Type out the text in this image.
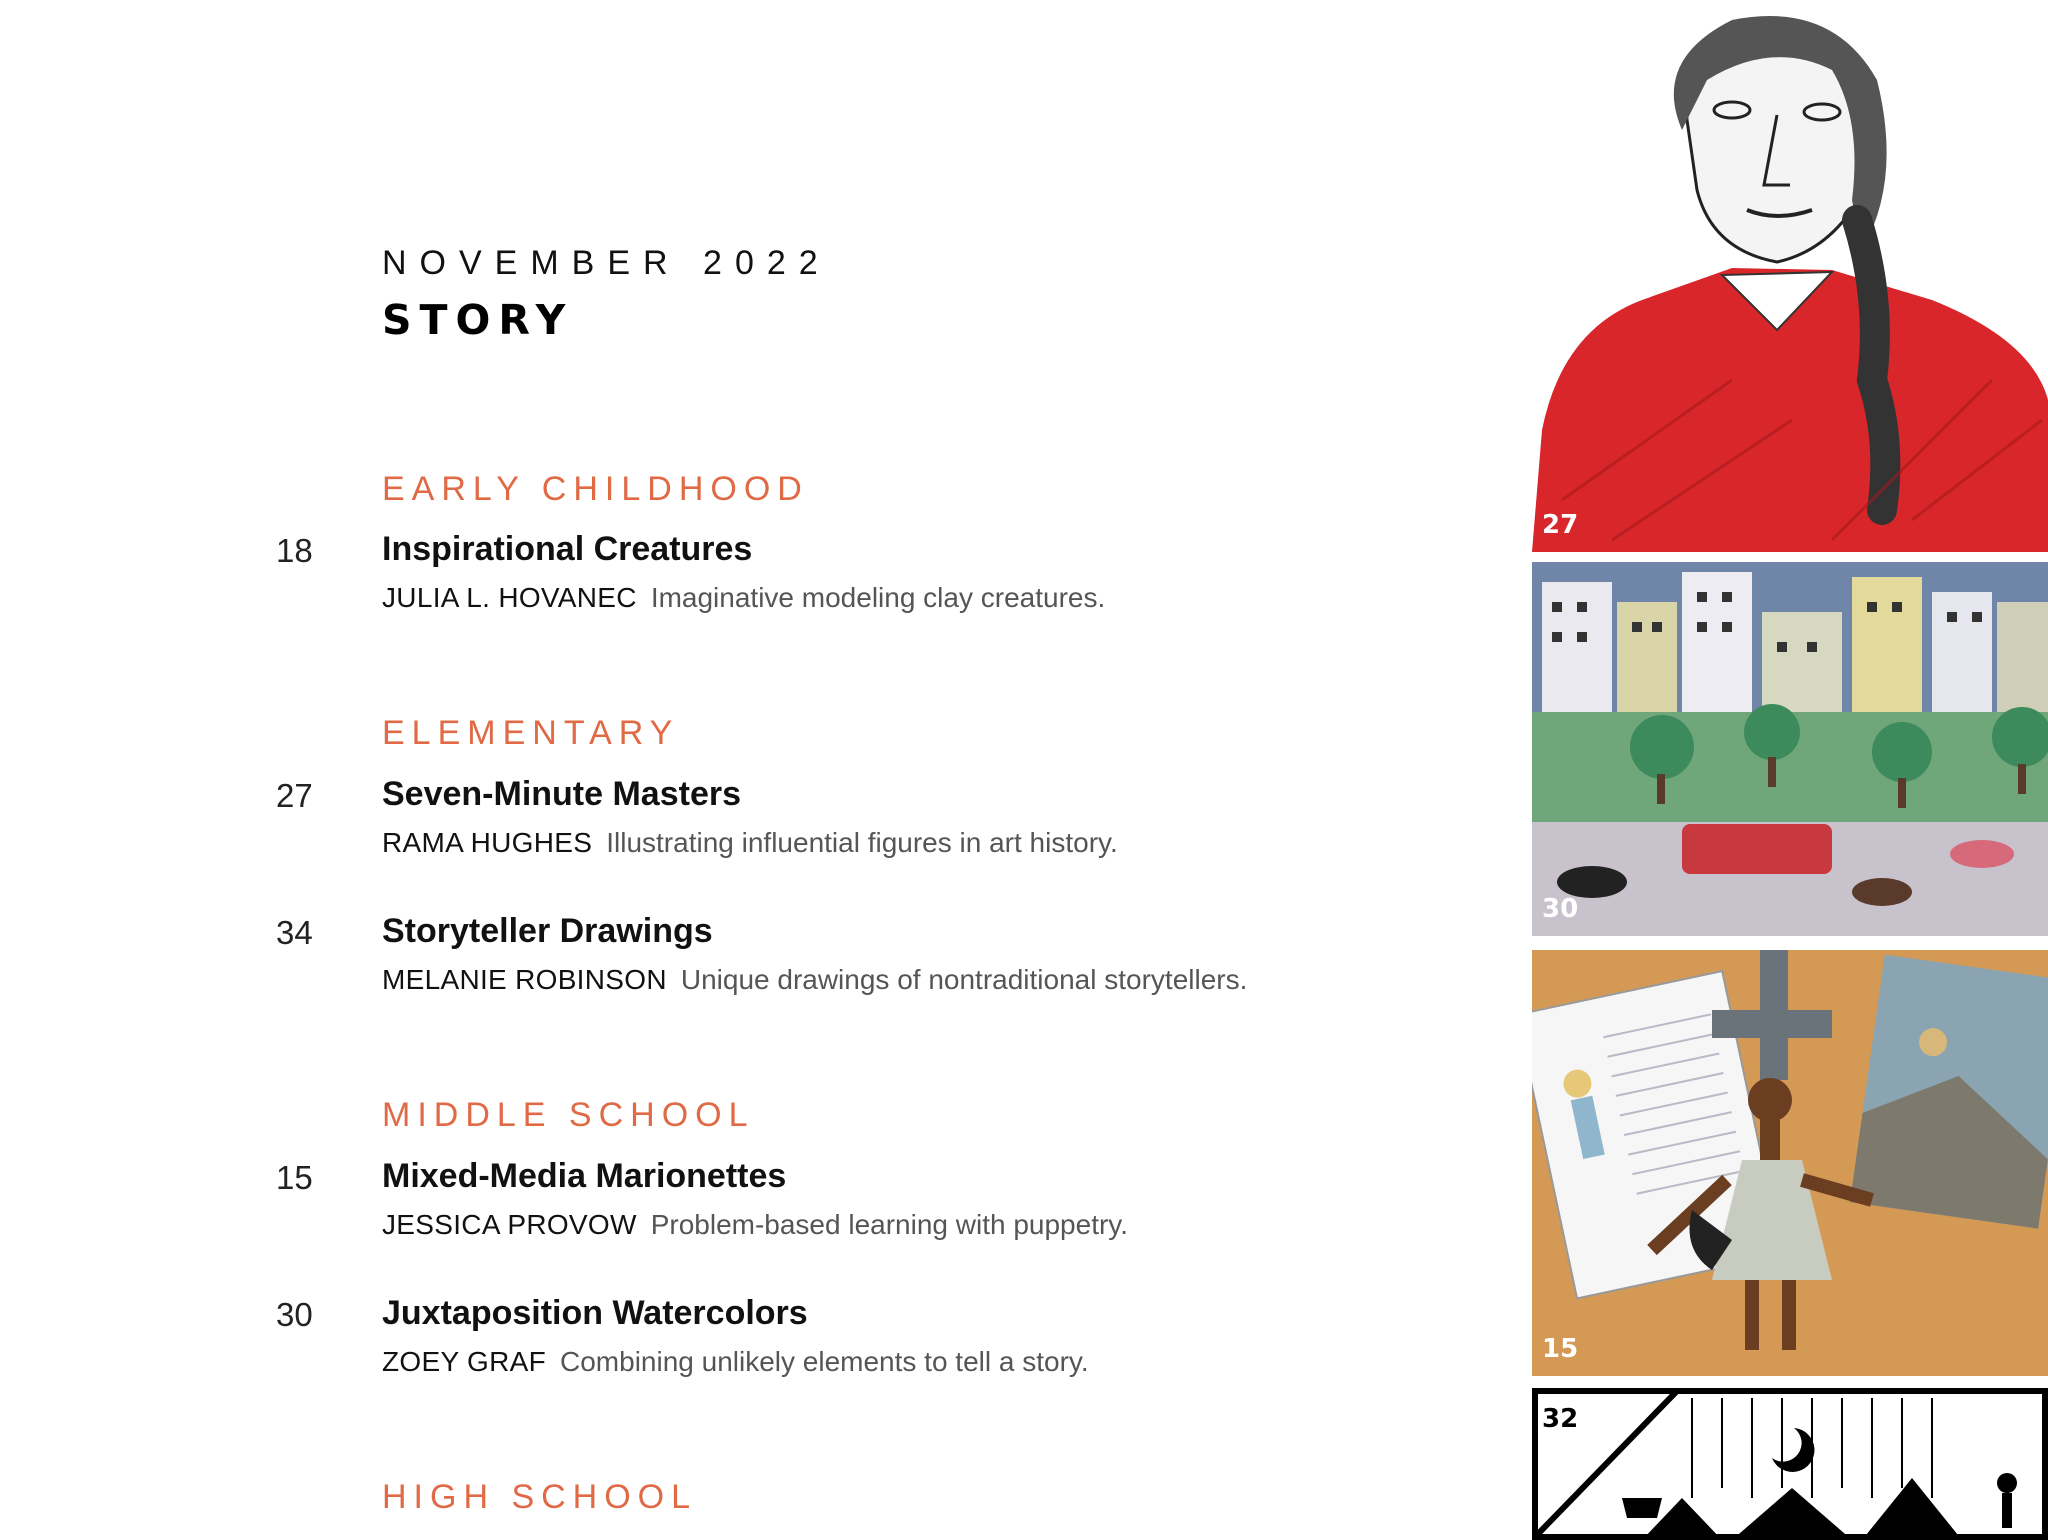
NOVEMBER 2022
STORY
EARLY CHILDHOOD
18 Inspirational Creatures
JULIA L. HOVANEC Imaginative modeling clay creatures.
ELEMENTARY
27 Seven-Minute Masters
RAMA HUGHES Illustrating influential figures in art history.
34 Storyteller Drawings
MELANIE ROBINSON Unique drawings of nontraditional storytellers.
MIDDLE SCHOOL
15 Mixed-Media Marionettes
JESSICA PROVOW Problem-based learning with puppetry.
30 Juxtaposition Watercolors
ZOEY GRAF Combining unlikely elements to tell a story.
HIGH SCHOOL
27
30
15
32
